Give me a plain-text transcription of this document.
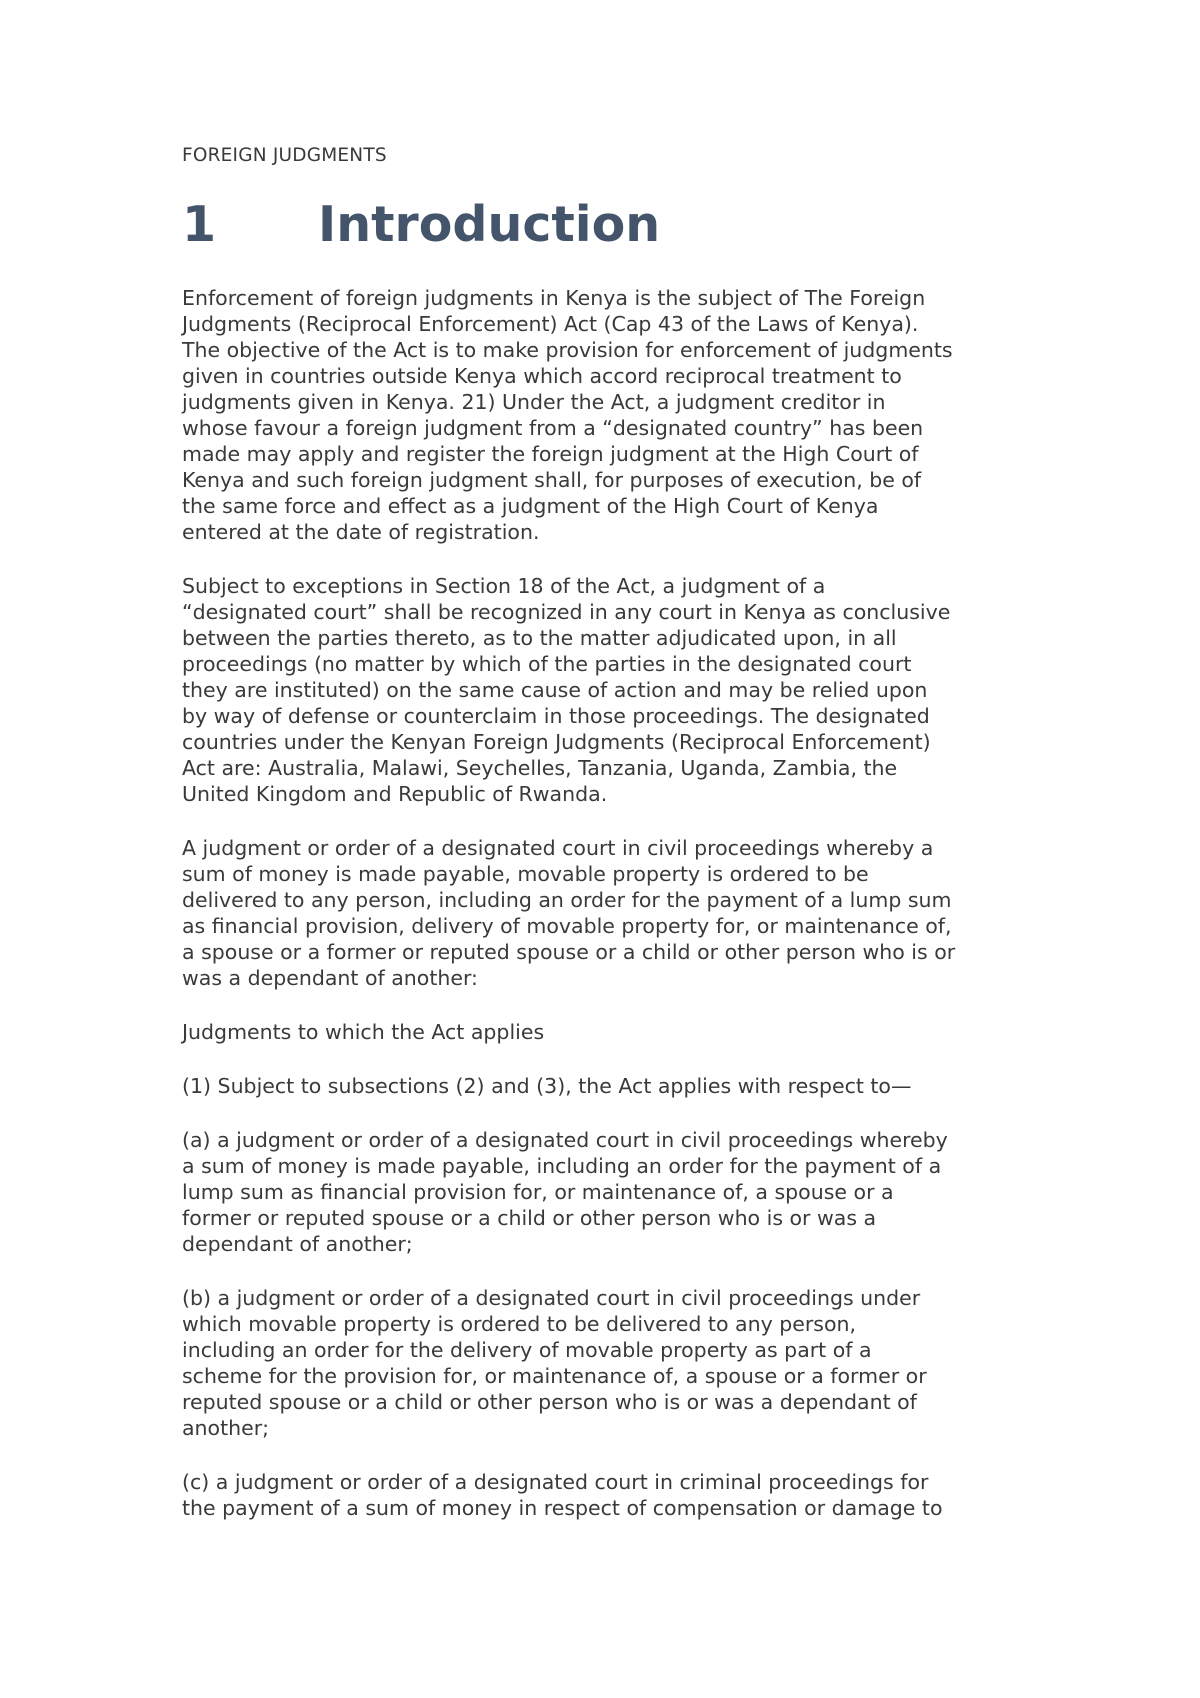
FOREIGN JUDGMENTS
1 Introduction

Enforcement of foreign judgments in Kenya is the subject of The Foreign
Judgments (Reciprocal Enforcement) Act (Cap 43 of the Laws of Kenya).
The objective of the Act is to make provision for enforcement of judgments
given in countries outside Kenya which accord reciprocal treatment to
judgments given in Kenya. 21) Under the Act, a judgment creditor in
whose favour a foreign judgment from a “designated country” has been
made may apply and register the foreign judgment at the High Court of
Kenya and such foreign judgment shall, for purposes of execution, be of
the same force and effect as a judgment of the High Court of Kenya
entered at the date of registration.

Subject to exceptions in Section 18 of the Act, a judgment of a
“designated court” shall be recognized in any court in Kenya as conclusive
between the parties thereto, as to the matter adjudicated upon, in all
proceedings (no matter by which of the parties in the designated court
they are instituted) on the same cause of action and may be relied upon
by way of defense or counterclaim in those proceedings. The designated
countries under the Kenyan Foreign Judgments (Reciprocal Enforcement)
Act are: Australia, Malawi, Seychelles, Tanzania, Uganda, Zambia, the
United Kingdom and Republic of Rwanda.

A judgment or order of a designated court in civil proceedings whereby a
sum of money is made payable, movable property is ordered to be
delivered to any person, including an order for the payment of a lump sum
as financial provision, delivery of movable property for, or maintenance of,
a spouse or a former or reputed spouse or a child or other person who is or
was a dependant of another:

Judgments to which the Act applies

(1) Subject to subsections (2) and (3), the Act applies with respect to—

(a) a judgment or order of a designated court in civil proceedings whereby
a sum of money is made payable, including an order for the payment of a
lump sum as financial provision for, or maintenance of, a spouse or a
former or reputed spouse or a child or other person who is or was a
dependant of another;

(b) a judgment or order of a designated court in civil proceedings under
which movable property is ordered to be delivered to any person,
including an order for the delivery of movable property as part of a
scheme for the provision for, or maintenance of, a spouse or a former or
reputed spouse or a child or other person who is or was a dependant of
another;

(c) a judgment or order of a designated court in criminal proceedings for
the payment of a sum of money in respect of compensation or damage to
